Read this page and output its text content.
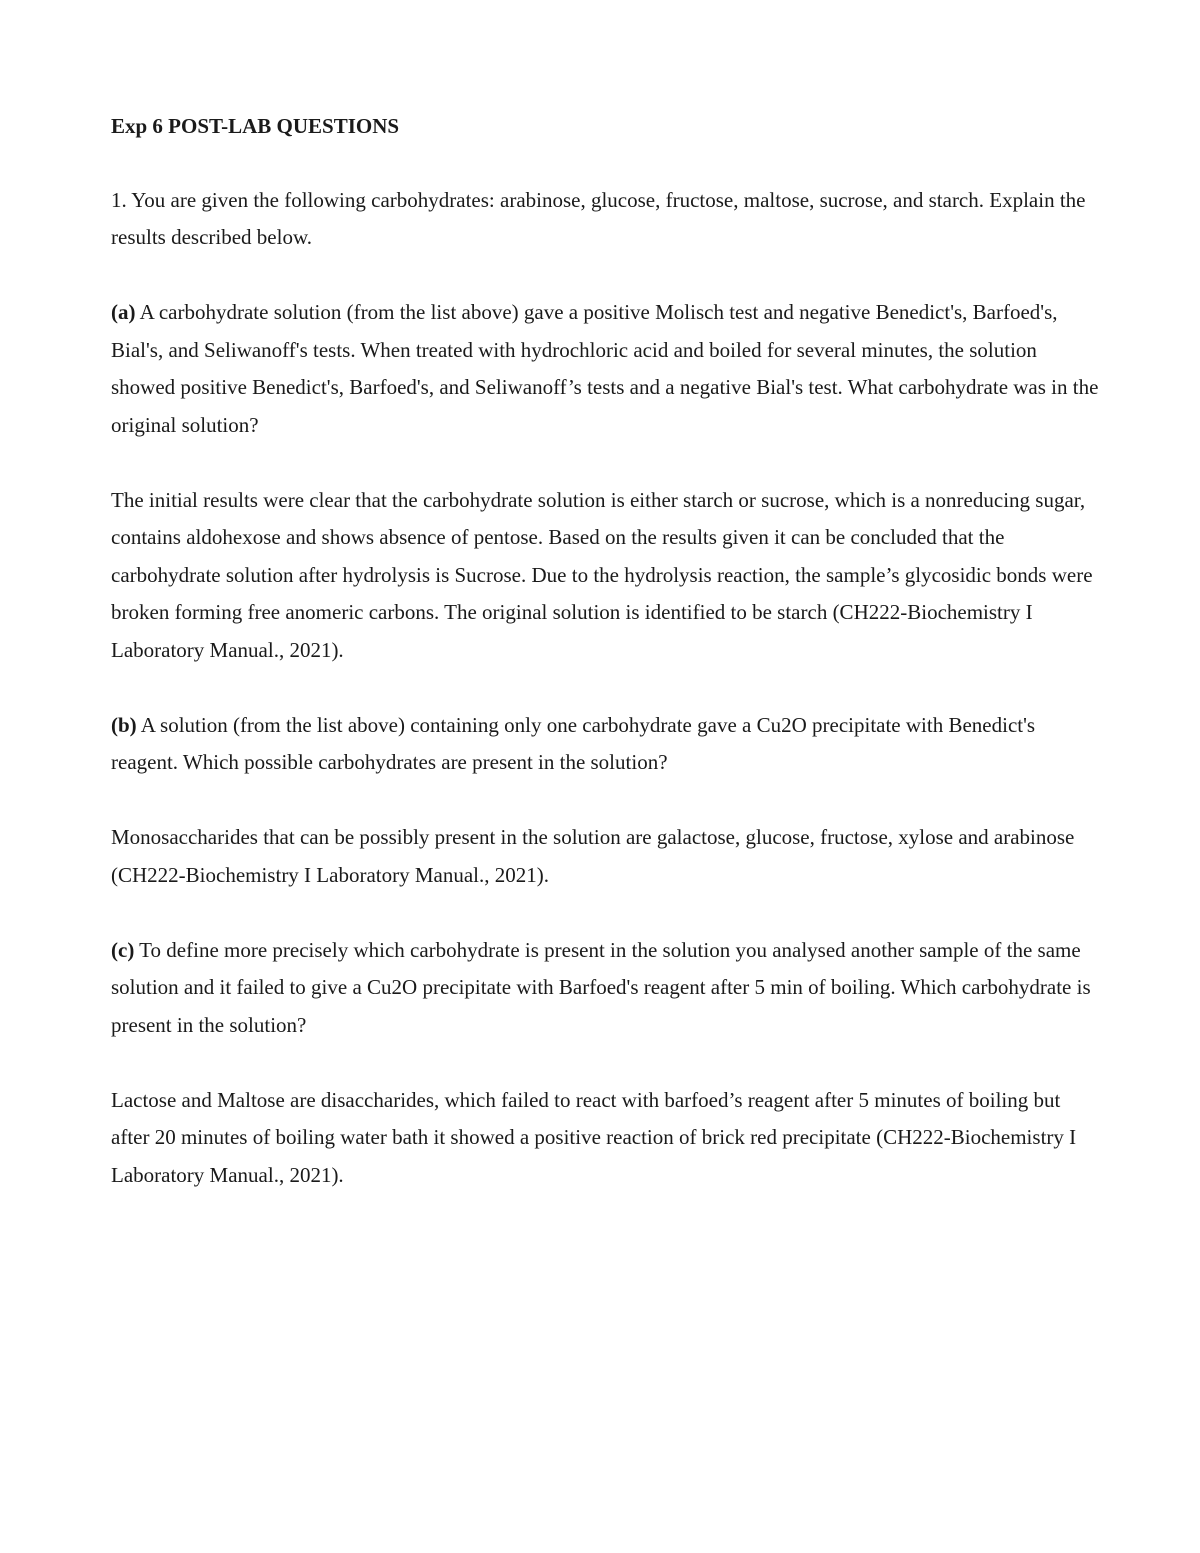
Exp 6 POST-LAB QUESTIONS

1. You are given the following carbohydrates: arabinose, glucose, fructose, maltose, sucrose, and starch. Explain the results described below.

(a) A carbohydrate solution (from the list above) gave a positive Molisch test and negative Benedict's, Barfoed's, Bial's, and Seliwanoff's tests. When treated with hydrochloric acid and boiled for several minutes, the solution showed positive Benedict's, Barfoed's, and Seliwanoff’s tests and a negative Bial's test. What carbohydrate was in the original solution?

The initial results were clear that the carbohydrate solution is either starch or sucrose, which is a nonreducing sugar, contains aldohexose and shows absence of pentose. Based on the results given it can be concluded that the carbohydrate solution after hydrolysis is Sucrose. Due to the hydrolysis reaction, the sample’s glycosidic bonds were broken forming free anomeric carbons. The original solution is identified to be starch (CH222-Biochemistry I Laboratory Manual., 2021).

(b) A solution (from the list above) containing only one carbohydrate gave a Cu2O precipitate with Benedict's reagent. Which possible carbohydrates are present in the solution?

Monosaccharides that can be possibly present in the solution are galactose, glucose, fructose, xylose and arabinose (CH222-Biochemistry I Laboratory Manual., 2021).

(c) To define more precisely which carbohydrate is present in the solution you analysed another sample of the same solution and it failed to give a Cu2O precipitate with Barfoed's reagent after 5 min of boiling. Which carbohydrate is present in the solution?

Lactose and Maltose are disaccharides, which failed to react with barfoed’s reagent after 5 minutes of boiling but after 20 minutes of boiling water bath it showed a positive reaction of brick red precipitate (CH222-Biochemistry I Laboratory Manual., 2021).
